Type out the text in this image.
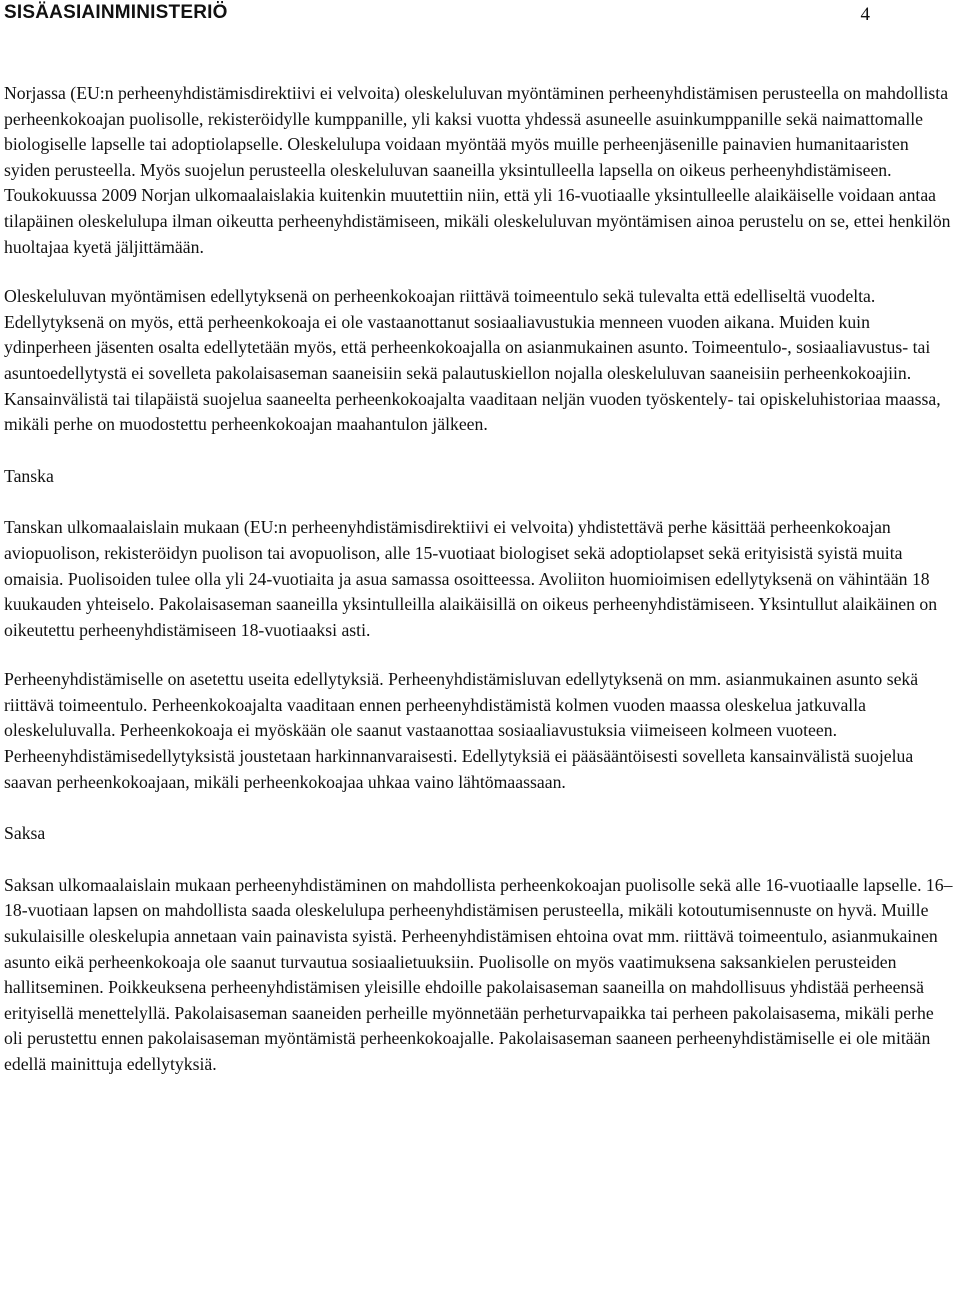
SISÄASIAINMINISTERIÖ	4

Norjassa (EU:n perheenyhdistämisdirektiivi ei velvoita) oleskeluluvan myöntäminen perheenyhdistämisen perusteella on mahdollista perheenkokoajan puolisolle, rekisteröidylle kumppanille, yli kaksi vuotta yhdessä asuneelle asuinkumppanille sekä naimattomalle biologiselle lapselle tai adoptiolapselle. Oleskelulupa voidaan myöntää myös muille perheenjäsenille painavien humanitaaristen syiden perusteella. Myös suojelun perusteella oleskeluluvan saaneilla yksintulleella lapsella on oikeus perheenyhdistämiseen. Toukokuussa 2009 Norjan ulkomaalaislakia kuitenkin muutettiin niin, että yli 16-vuotiaalle yksintulleelle alaikäiselle voidaan antaa tilapäinen oleskelulupa ilman oikeutta perheenyhdistämiseen, mikäli oleskeluluvan myöntämisen ainoa perustelu on se, ettei henkilön huoltajaa kyetä jäljittämään.

Oleskeluluvan myöntämisen edellytyksenä on perheenkokoajan riittävä toimeentulo sekä tulevalta että edelliseltä vuodelta. Edellytyksenä on myös, että perheenkokoaja ei ole vastaanottanut sosiaaliavustukia menneen vuoden aikana. Muiden kuin ydinperheen jäsenten osalta edellytetään myös, että perheenkokoajalla on asianmukainen asunto. Toimeentulo-, sosiaaliavustus- tai asuntoedellytystä ei sovelleta pakolaisaseman saaneisiin sekä palautuskiellon nojalla oleskeluluvan saaneisiin perheenkokoajiin. Kansainvälistä tai tilapäistä suojelua saaneelta perheenkokoajalta vaaditaan neljän vuoden työskentely- tai opiskeluhistoriaa maassa, mikäli perhe on muodostettu perheenkokoajan maahantulon jälkeen.

Tanska

Tanskan ulkomaalaislain mukaan (EU:n perheenyhdistämisdirektiivi ei velvoita) yhdistettävä perhe käsittää perheenkokoajan aviopuolison, rekisteröidyn puolison tai avopuolison, alle 15-vuotiaat biologiset sekä adoptiolapset sekä erityisistä syistä muita omaisia. Puolisoiden tulee olla yli 24-vuotiaita ja asua samassa osoitteessa. Avoliiton huomioimisen edellytyksenä on vähintään 18 kuukauden yhteiselo. Pakolaisaseman saaneilla yksintulleilla alaikäisillä on oikeus perheenyhdistämiseen. Yksintullut alaikäinen on oikeutettu perheenyhdistämiseen 18-vuotiaaksi asti.

Perheenyhdistämiselle on asetettu useita edellytyksiä. Perheenyhdistämisluvan edellytyksenä on mm. asianmukainen asunto sekä riittävä toimeentulo. Perheenkokoajalta vaaditaan ennen perheenyhdistämistä kolmen vuoden maassa oleskelua jatkuvalla oleskeluluvalla. Perheenkokoaja ei myöskään ole saanut vastaanottaa sosiaaliavustuksia viimeiseen kolmeen vuoteen. Perheenyhdistämisedellytyksistä joustetaan harkinnanvaraisesti. Edellytyksiä ei pääsääntöisesti sovelleta kansainvälistä suojelua saavan perheenkokoajaan, mikäli perheenkokoajaa uhkaa vaino lähtömaassaan.

Saksa

Saksan ulkomaalaislain mukaan perheenyhdistäminen on mahdollista perheenkokoajan puolisolle sekä alle 16-vuotiaalle lapselle. 16–18-vuotiaan lapsen on mahdollista saada oleskelulupa perheenyhdistämisen perusteella, mikäli kotoutumisennuste on hyvä. Muille sukulaisille oleskelupia annetaan vain painavista syistä. Perheenyhdistämisen ehtoina ovat mm. riittävä toimeentulo, asianmukainen asunto eikä perheenkokoaja ole saanut turvautua sosiaalietuuksiin. Puolisolle on myös vaatimuksena saksankielen perusteiden hallitseminen. Poikkeuksena perheenyhdistämisen yleisille ehdoille pakolaisaseman saaneilla on mahdollisuus yhdistää perheensä erityisellä menettelyllä. Pakolaisaseman saaneiden perheille myönnetään perheturvapaikka tai perheen pakolaisasema, mikäli perhe oli perustettu ennen pakolaisaseman myöntämistä perheenkokoajalle. Pakolaisaseman saaneen perheenyhdistämiselle ei ole mitään edellä mainittuja edellytyksiä.
